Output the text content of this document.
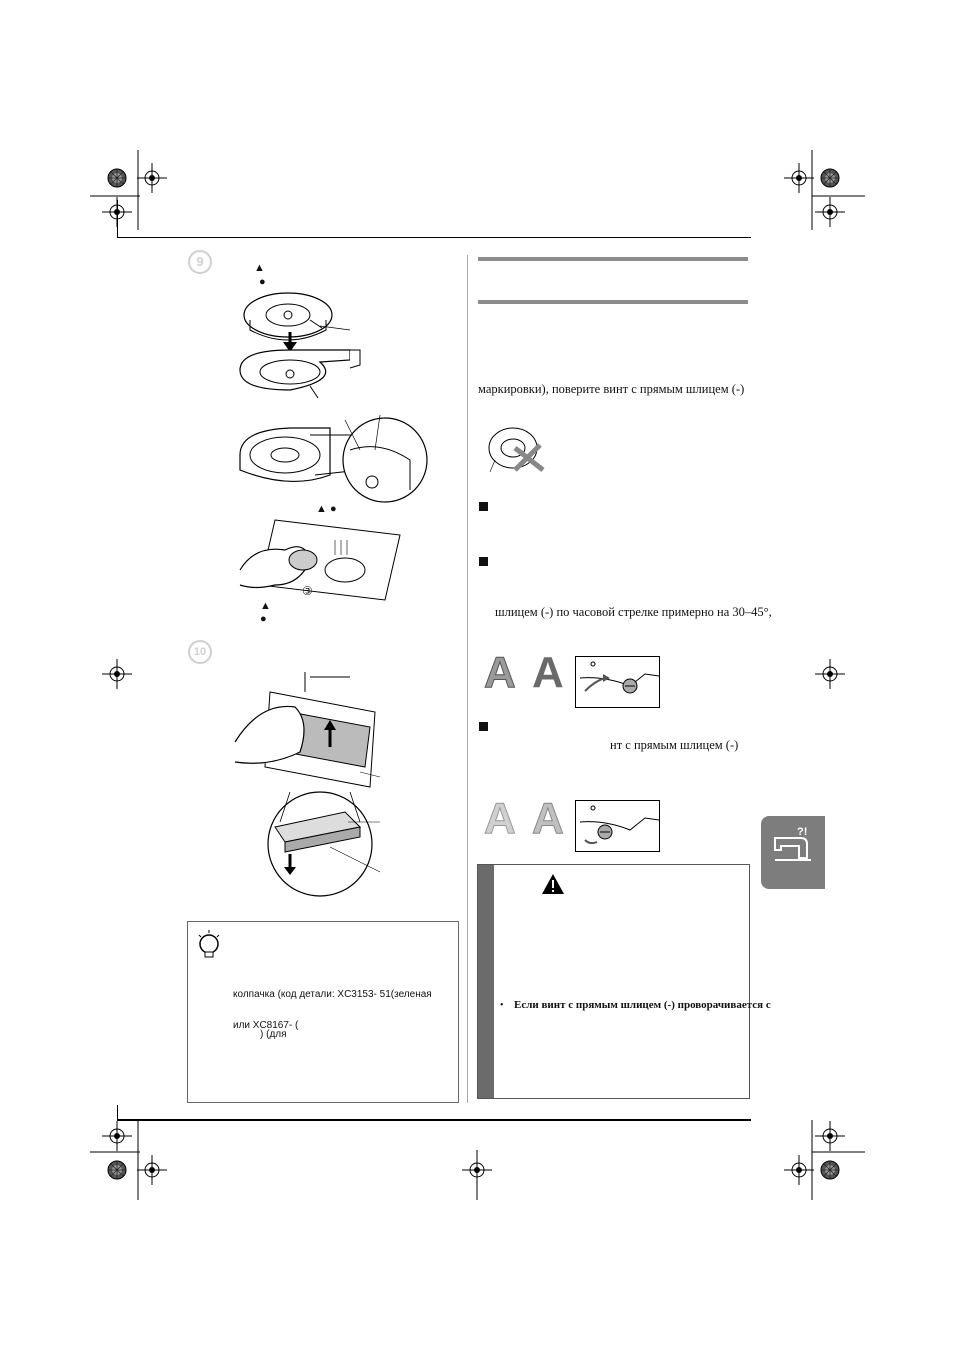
9	▲
●
▲ ●
③
▲
●
10
колпачка (код детали: XC3153- 51(зеленая
или XC8167- (
) (для
маркировки), поверите винт с прямым шлицем (-)
шлицем (-) по часовой стрелке примерно на 30–45°,
A A
нт с прямым шлицем (-)
A A
• Если винт с прямым шлицем (-) проворачивается с
?!
